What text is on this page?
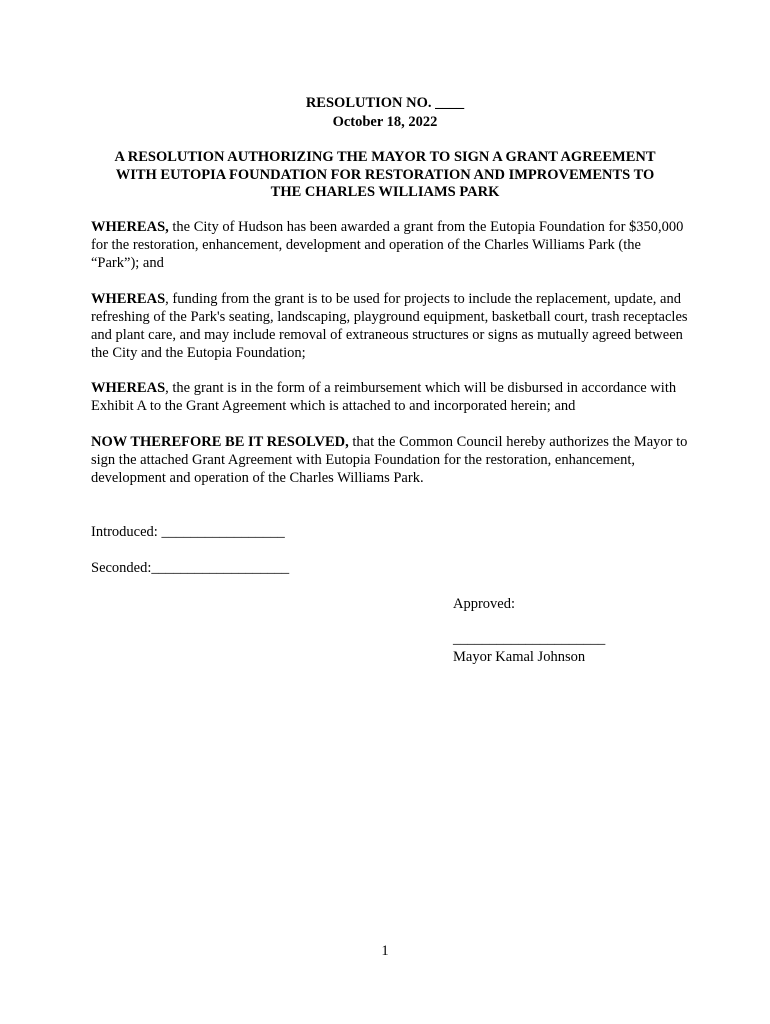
RESOLUTION NO. ____
October 18, 2022
A RESOLUTION AUTHORIZING THE MAYOR TO SIGN A GRANT AGREEMENT
WITH EUTOPIA FOUNDATION FOR RESTORATION AND IMPROVEMENTS TO
THE CHARLES WILLIAMS PARK
WHEREAS, the City of Hudson has been awarded a grant from the Eutopia Foundation for $350,000 for the restoration, enhancement, development and operation of the Charles Williams Park (the “Park”); and
WHEREAS, funding from the grant is to be used for projects to include the replacement, update, and refreshing of the Park's seating, landscaping, playground equipment, basketball court, trash receptacles and plant care, and may include removal of extraneous structures or signs as mutually agreed between the City and the Eutopia Foundation;
WHEREAS, the grant is in the form of a reimbursement which will be disbursed in accordance with Exhibit A to the Grant Agreement which is attached to and incorporated herein; and
NOW THEREFORE BE IT RESOLVED, that the Common Council hereby authorizes the Mayor to sign the attached Grant Agreement with Eutopia Foundation for the restoration, enhancement, development and operation of the Charles Williams Park.
Introduced: _________________
Seconded:___________________
Approved:
_____________________
Mayor Kamal Johnson
1
